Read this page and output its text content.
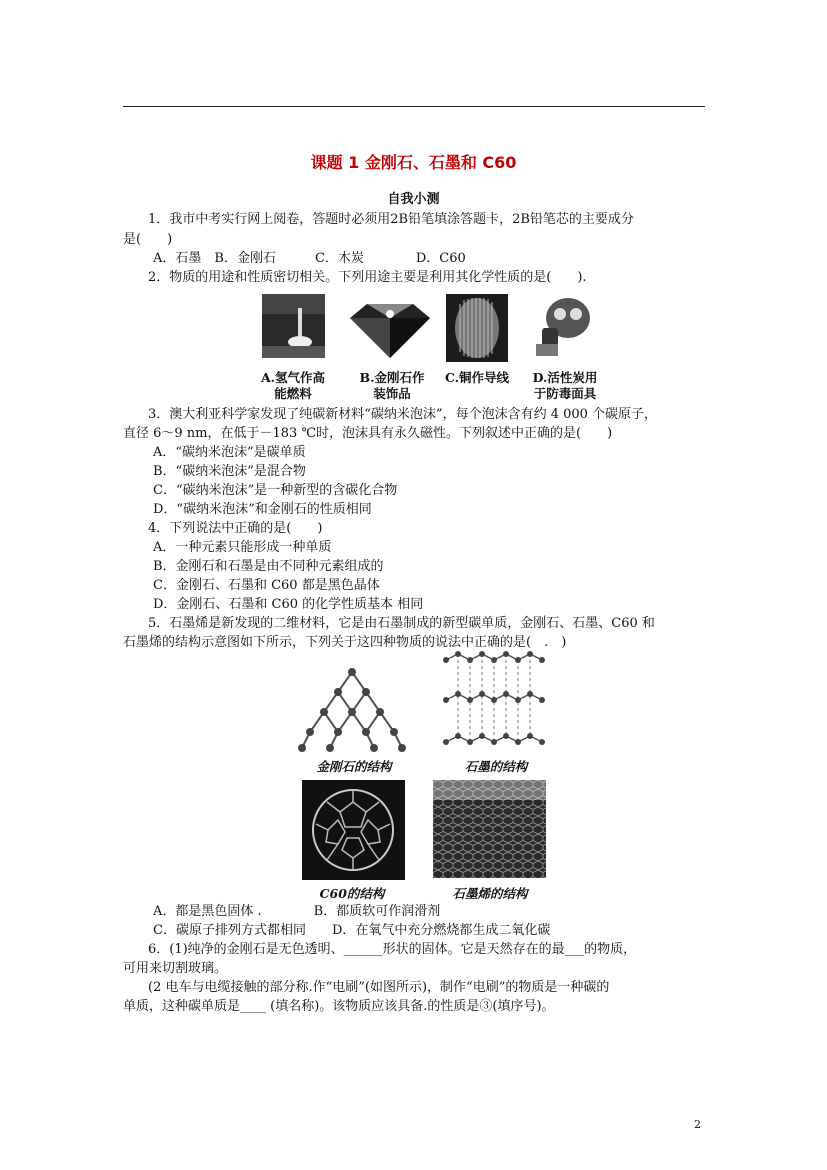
课题 1 金刚石、石墨和 C60
自我小测
1．我市中考实行网上阅卷，答题时必须用2B铅笔填涂答题卡，2B铅笔芯的主要成分
是(　　)
A．石墨　B．金刚石　　　C．木炭　　　　D．C60
2．物质的用途和性质密切相关。下列用途主要是利用其化学性质的是(　　).
A.氢气作高
能燃料
B.金刚石作
装饰品
C.铜作导线	D.活性炭用
于防毒面具
3．澳大利亚科学家发现了纯碳新材料“碳纳米泡沫”，每个泡沫含有约 4 000 个碳原子，
直径 6～9 nm，在低于－183 ℃时，泡沫具有永久磁性。下列叙述中正确的是(　　)
A．“碳纳米泡沫”是碳单质
B．“碳纳米泡沫”是混合物
C．“碳纳米泡沫”是一种新型的含碳化合物
D．“碳纳米泡沫”和金刚石的性质相同
4．下列说法中正确的是(　　)
A．一种元素只能形成一种单质
B．金刚石和石墨是由不同种元素组成的
C．金刚石、石墨和 C60 都是黑色晶体
D．金刚石、石墨和 C60 的化学性质基本 相同
5．石墨烯是新发现的二维材料，它是由石墨制成的新型碳单质，金刚石、石墨、C60 和
石墨烯的结构示意图如下所示，下列关于这四种物质的说法中正确的是(　.　)
金刚石的结构	石墨的结构
C60的结构	石墨烯的结构
A．都是黑色固体 .　　　　B．都质软可作润滑剂
C．碳原子排列方式都相同　　D．在氧气中充分燃烧都生成二氧化碳
6．(1)纯净的金刚石是无色透明、______形状的固体。它是天然存在的最___的物质，
可用来切割玻璃。
(2 电车与电缆接触的部分称.作“电刷”(如图所示)，制作“电刷”的物质是一种碳的
单质，这种碳单质是____ (填名称)。该物质应该具备.的性质是③(填序号)。
2
